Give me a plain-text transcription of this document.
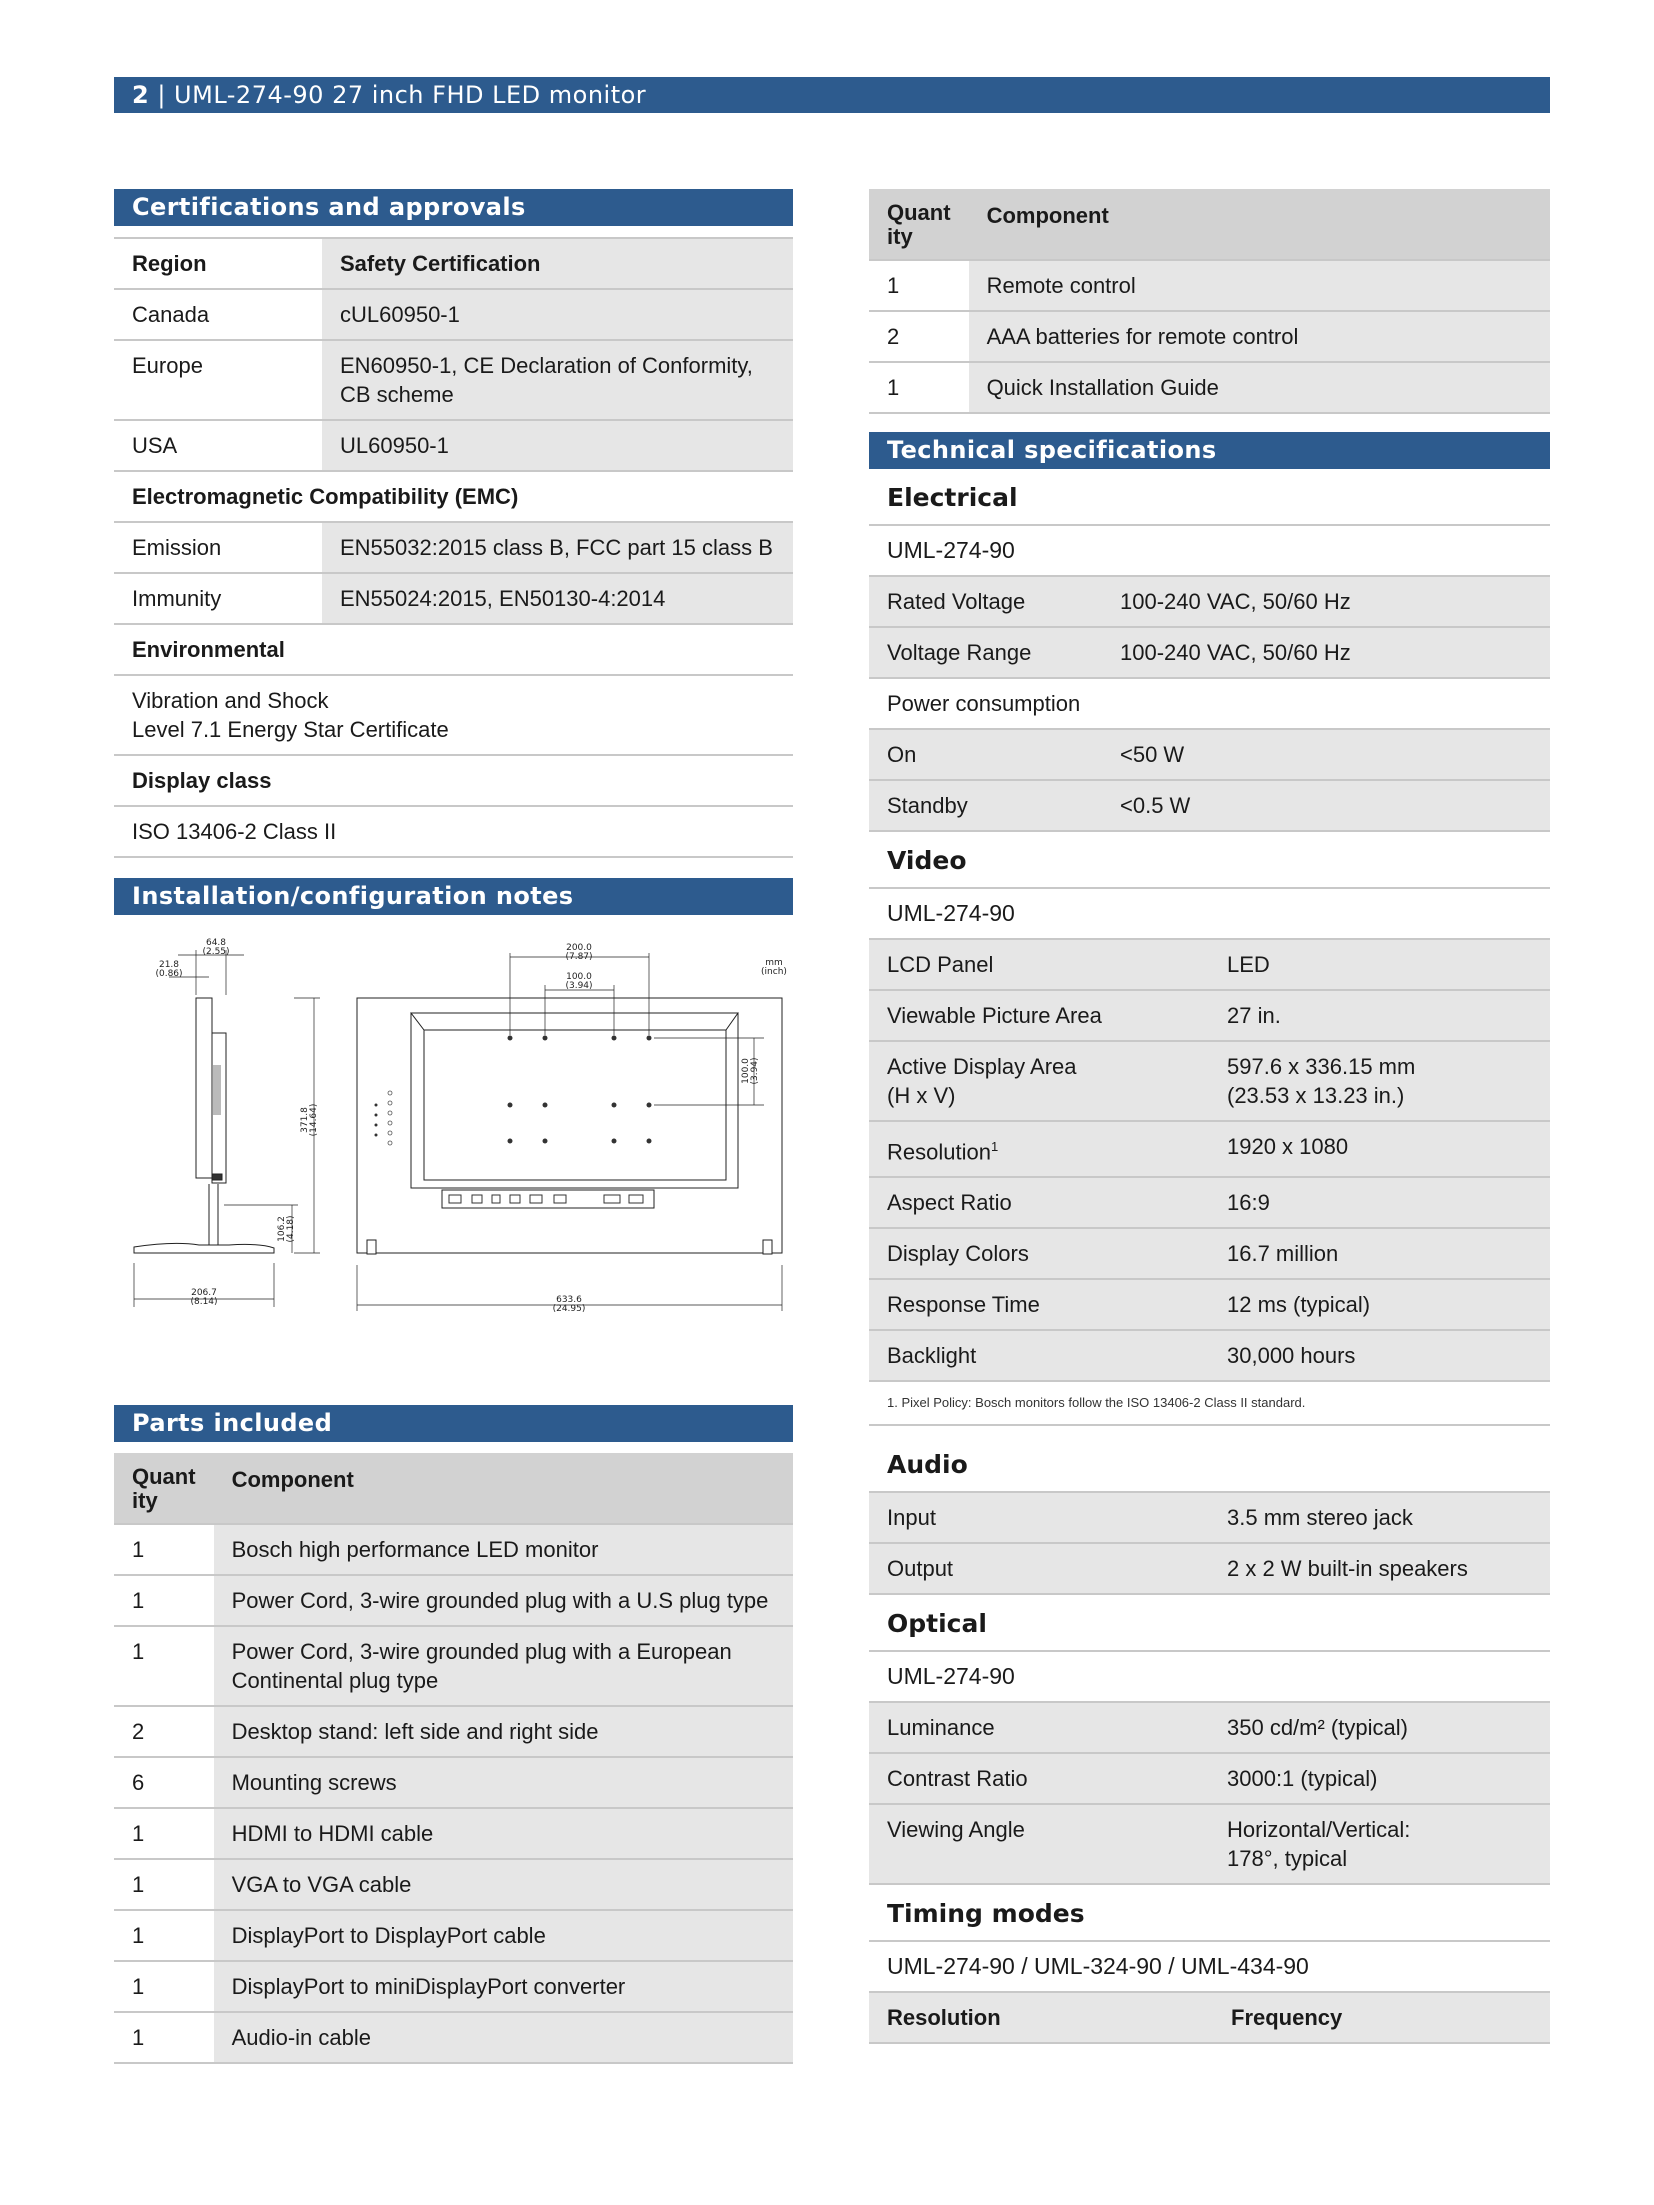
2 | UML-274-90 27 inch FHD LED monitor
Certifications and approvals
Region	Safety Certification
Canada	cUL60950-1
Europe	EN60950-1, CE Declaration of Conformity, CB scheme
USA	UL60950-1
Electromagnetic Compatibility (EMC)	
Emission	EN55032:2015 class B, FCC part 15 class B
Immunity	EN55024:2015, EN50130-4:2014
Environmental	
Vibration and Shock
Level 7.1 Energy Star Certificate	
Display class	
ISO 13406-2 Class II	
Installation/configuration notes
64.8
(2.55)
21.8
(0.86)
206.7
(8.14)
200.0
(7.87)
100.0
(3.94)
633.6
(24.95)
mm
(inch)
371.8 (14.64)
106.2 (4.18)
100.0 (3.94)
Parts included
Quant ity	Component
1	Bosch high performance LED monitor
1	Power Cord, 3-wire grounded plug with a U.S plug type
1	Power Cord, 3-wire grounded plug with a European Continental plug type
2	Desktop stand: left side and right side
6	Mounting screws
1	HDMI to HDMI cable
1	VGA to VGA cable
1	DisplayPort to DisplayPort cable
1	DisplayPort to miniDisplayPort converter
1	Audio-in cable
Quant ity	Component
1	Remote control
2	AAA batteries for remote control
1	Quick Installation Guide
Technical specifications
Electrical
UML-274-90	
Rated Voltage	100-240 VAC, 50/60 Hz
Voltage Range	100-240 VAC, 50/60 Hz
Power consumption	
On	<50 W
Standby	<0.5 W
Video
UML-274-90	
LCD Panel	LED
Viewable Picture Area	27 in.
Active Display Area
(H x V)	597.6 x 336.15 mm
(23.53 x 13.23 in.)
Resolution$^1$	1920 x 1080
Aspect Ratio	16:9
Display Colors	16.7 million
Response Time	12 ms (typical)
Backlight	30,000 hours
1. Pixel Policy: Bosch monitors follow the ISO 13406-2 Class II standard.
Audio
Input	3.5 mm stereo jack
Output	2 x 2 W built-in speakers
Optical
UML-274-90	
Luminance	350 cd/m² (typical)
Contrast Ratio	3000:1 (typical)
Viewing Angle	Horizontal/Vertical:
178°, typical
Timing modes
UML-274-90 / UML-324-90 / UML-434-90
Resolution	Frequency
